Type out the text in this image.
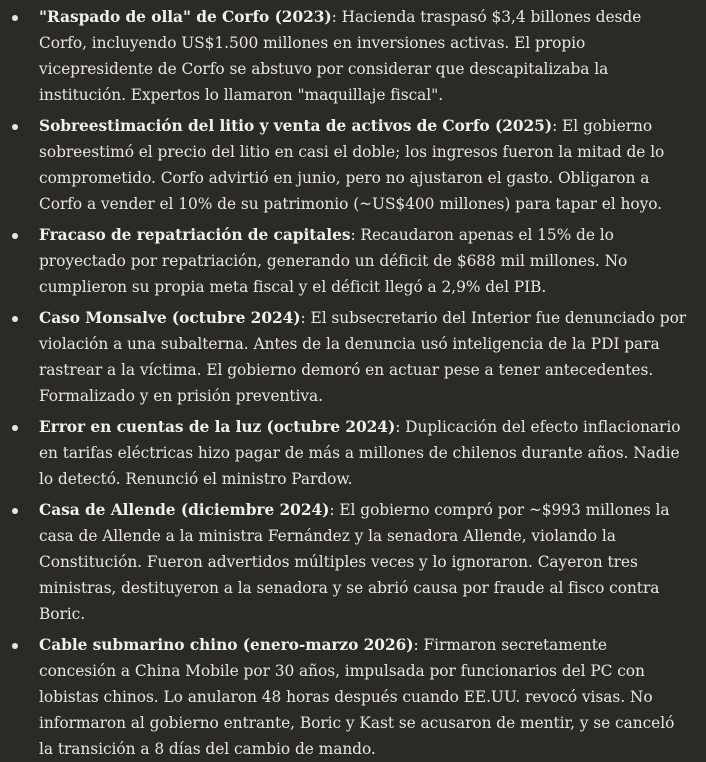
"Raspado de olla" de Corfo (2023): Hacienda traspasó $3,4 billones desde Corfo, incluyendo US$1.500 millones en inversiones activas. El propio vicepresidente de Corfo se abstuvo por considerar que descapitalizaba la institución. Expertos lo llamaron "maquillaje fiscal".
Sobreestimación del litio y venta de activos de Corfo (2025): El gobierno sobreestimó el precio del litio en casi el doble; los ingresos fueron la mitad de lo comprometido. Corfo advirtió en junio, pero no ajustaron el gasto. Obligaron a Corfo a vender el 10% de su patrimonio (~US$400 millones) para tapar el hoyo.
Fracaso de repatriación de capitales: Recaudaron apenas el 15% de lo proyectado por repatriación, generando un déficit de $688 mil millones. No cumplieron su propia meta fiscal y el déficit llegó a 2,9% del PIB.
Caso Monsalve (octubre 2024): El subsecretario del Interior fue denunciado por violación a una subalterna. Antes de la denuncia usó inteligencia de la PDI para rastrear a la víctima. El gobierno demoró en actuar pese a tener antecedentes. Formalizado y en prisión preventiva.
Error en cuentas de la luz (octubre 2024): Duplicación del efecto inflacionario en tarifas eléctricas hizo pagar de más a millones de chilenos durante años. Nadie lo detectó. Renunció el ministro Pardow.
Casa de Allende (diciembre 2024): El gobierno compró por ~$993 millones la casa de Allende a la ministra Fernández y la senadora Allende, violando la Constitución. Fueron advertidos múltiples veces y lo ignoraron. Cayeron tres ministras, destituyeron a la senadora y se abrió causa por fraude al fisco contra Boric.
Cable submarino chino (enero-marzo 2026): Firmaron secretamente concesión a China Mobile por 30 años, impulsada por funcionarios del PC con lobistas chinos. Lo anularon 48 horas después cuando EE.UU. revocó visas. No informaron al gobierno entrante, Boric y Kast se acusaron de mentir, y se canceló la transición a 8 días del cambio de mando.
